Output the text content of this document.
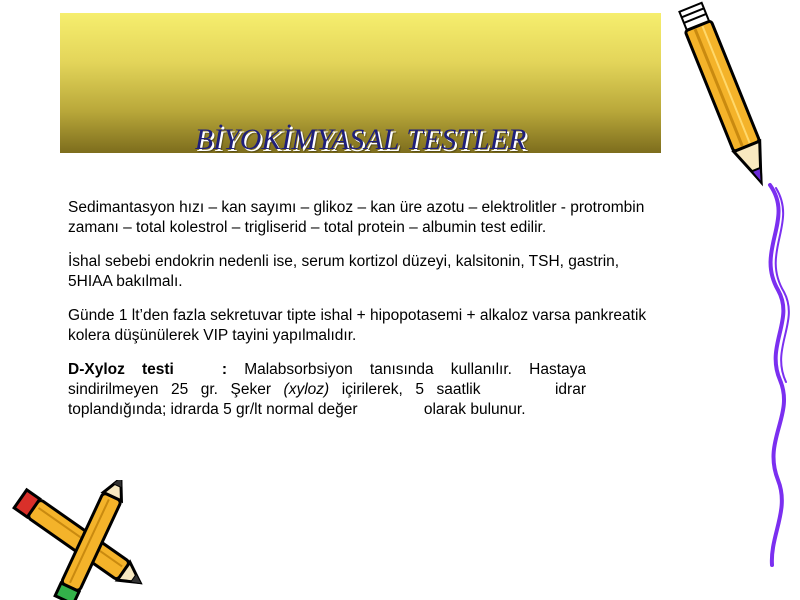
BİYOKİMYASAL TESTLER

Sedimantasyon hızı – kan sayımı – glikoz – kan üre azotu – elektrolitler - protrombin zamanı – total kolestrol – trigliserid – total protein – albumin test edilir.

İshal sebebi endokrin nedenli ise, serum kortizol düzeyi, kalsitonin, TSH, gastrin, 5HIAA bakılmalı.

Günde 1 lt’den fazla sekretuvar tipte ishal + hipopotasemi + alkaloz varsa pankreatik kolera düşünülerek VIP tayini yapılmalıdır.

D-Xyloz testi	: Malabsorbsiyon tanısında kullanılır. Hastaya sindirilmeyen 25 gr. Şeker (xyloz) içirilerek, 5 saatlik	idrar toplandığında; idrarda 5 gr/lt normal değer	olarak bulunur.
